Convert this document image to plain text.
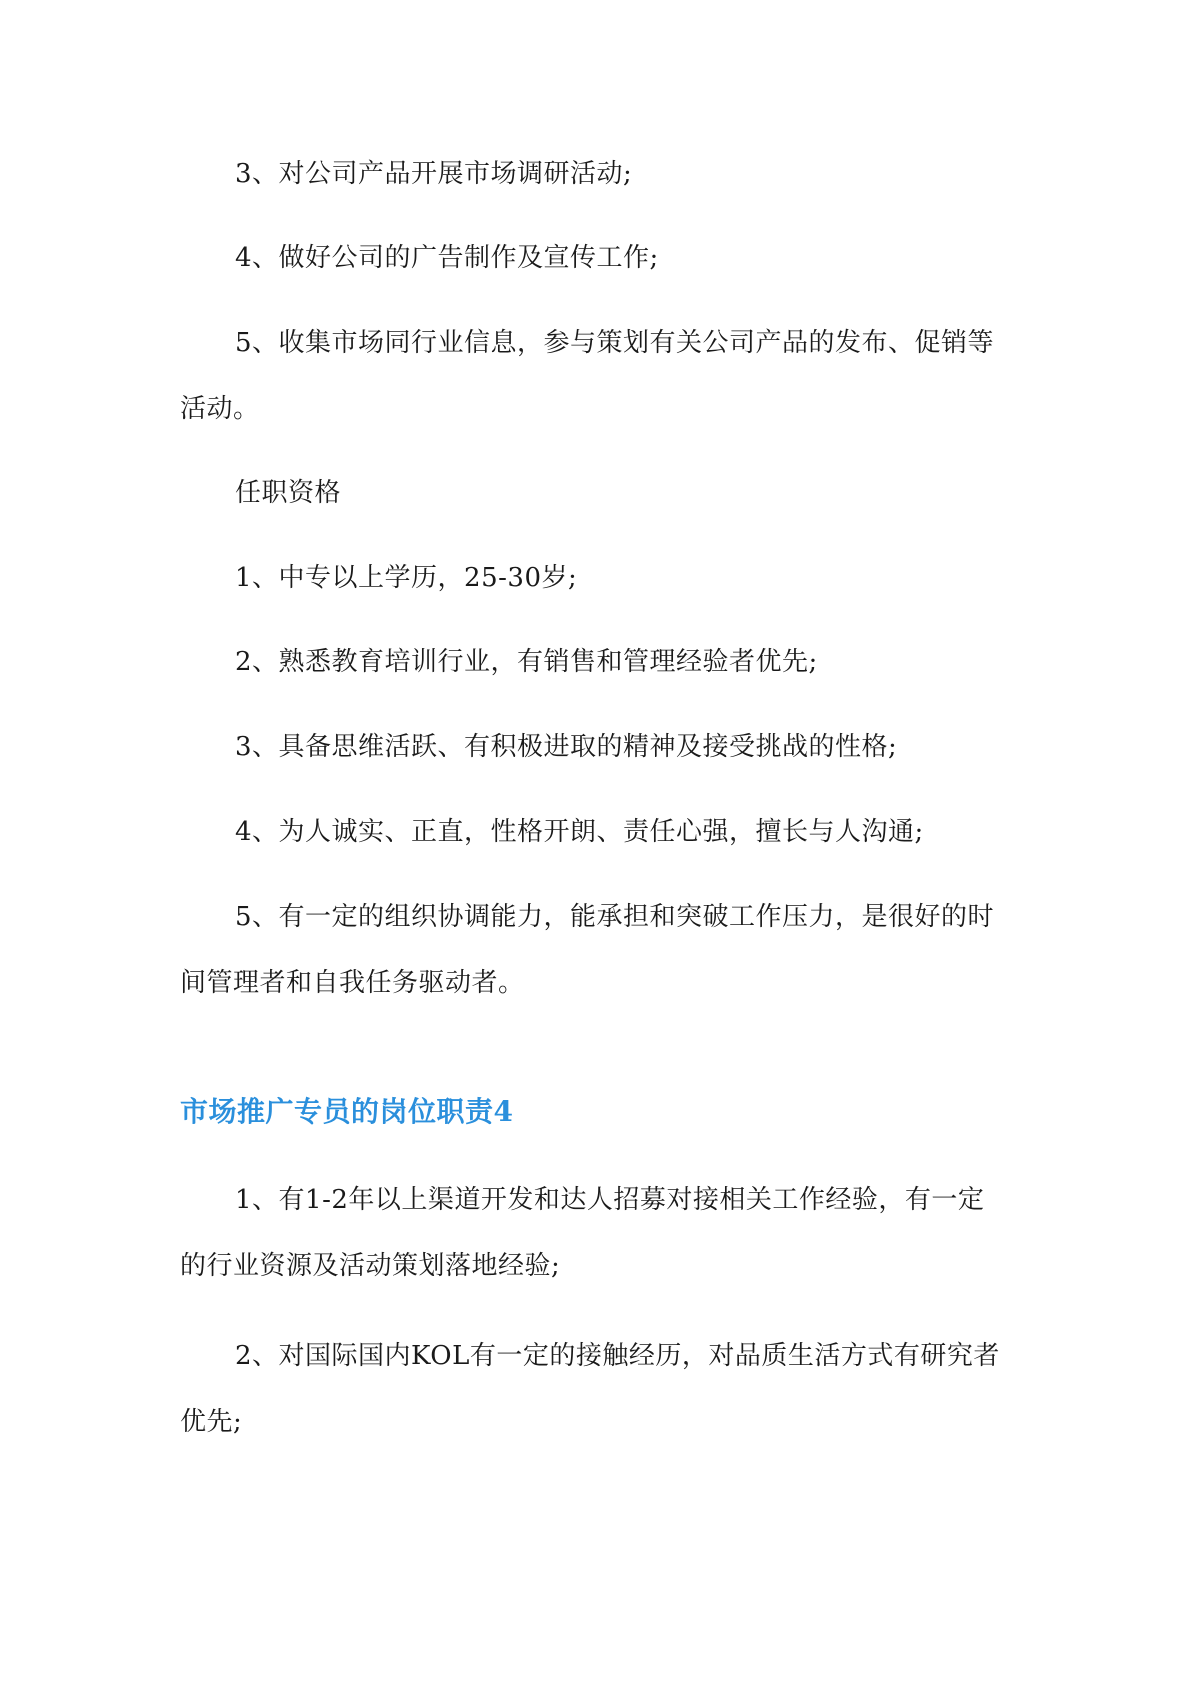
3、对公司产品开展市场调研活动;

4、做好公司的广告制作及宣传工作;

5、收集市场同行业信息，参与策划有关公司产品的发布、促销等活动。

任职资格

1、中专以上学历，25-30岁;

2、熟悉教育培训行业，有销售和管理经验者优先;

3、具备思维活跃、有积极进取的精神及接受挑战的性格;

4、为人诚实、正直，性格开朗、责任心强，擅长与人沟通;

5、有一定的组织协调能力，能承担和突破工作压力，是很好的时间管理者和自我任务驱动者。

市场推广专员的岗位职责4

1、有1-2年以上渠道开发和达人招募对接相关工作经验，有一定的行业资源及活动策划落地经验;

2、对国际国内KOL有一定的接触经历，对品质生活方式有研究者优先;
